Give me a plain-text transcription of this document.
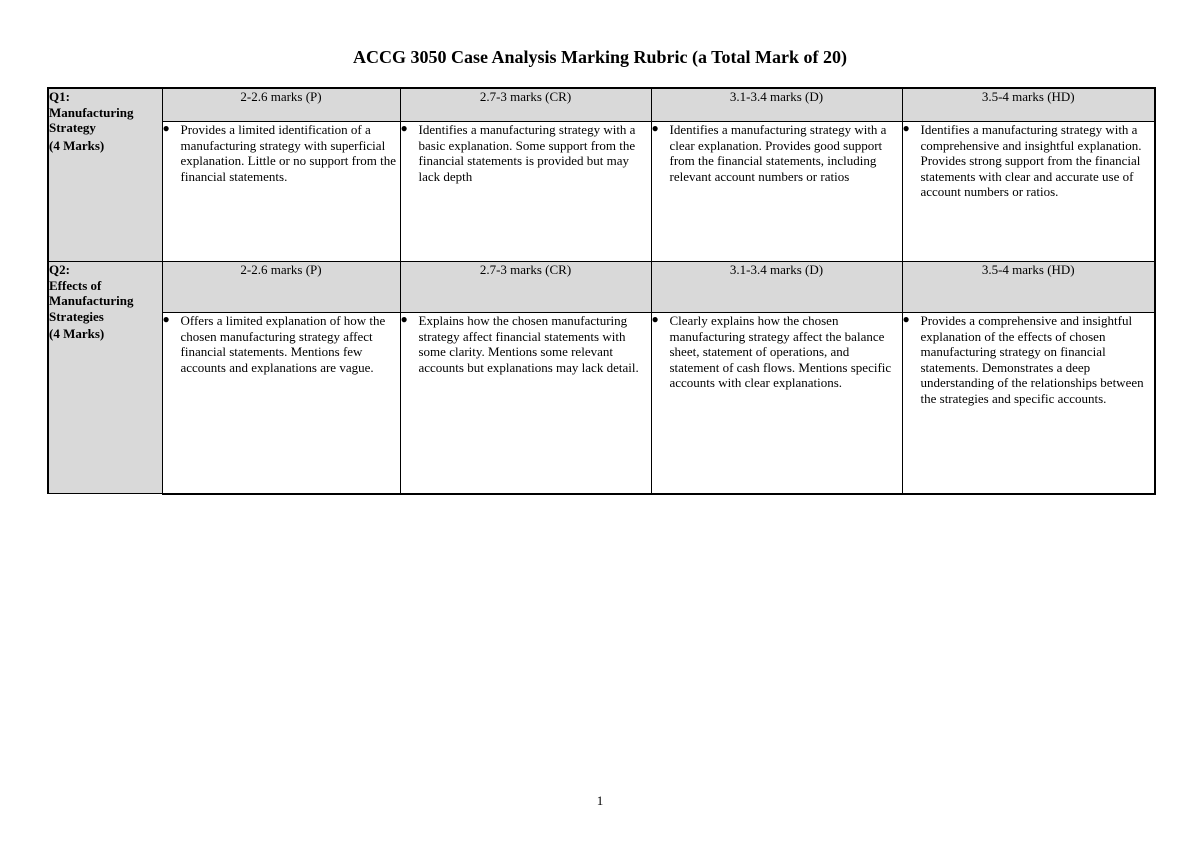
ACCG 3050 Case Analysis Marking Rubric (a Total Mark of 20)
Q1:
Manufacturing Strategy
(4 Marks)	2-2.6 marks (P)	2.7-3 marks (CR)	3.1-3.4 marks (D)	3.5-4 marks (HD)

	● Provides a limited identification of a manufacturing strategy with superficial explanation. Little or no support from the financial statements.	● Identifies a manufacturing strategy with a basic explanation. Some support from the financial statements is provided but may lack depth	● Identifies a manufacturing strategy with a clear explanation. Provides good support from the financial statements, including relevant account numbers or ratios	● Identifies a manufacturing strategy with a comprehensive and insightful explanation. Provides strong support from the financial statements with clear and accurate use of account numbers or ratios.

Q2:
Effects of Manufacturing Strategies
(4 Marks)	2-2.6 marks (P)	2.7-3 marks (CR)	3.1-3.4 marks (D)	3.5-4 marks (HD)

	● Offers a limited explanation of how the chosen manufacturing strategy affect financial statements. Mentions few accounts and explanations are vague.	● Explains how the chosen manufacturing strategy affect financial statements with some clarity. Mentions some relevant accounts but explanations may lack detail.	● Clearly explains how the chosen manufacturing strategy affect the balance sheet, statement of operations, and statement of cash flows. Mentions specific accounts with clear explanations.	● Provides a comprehensive and insightful explanation of the effects of chosen manufacturing strategy on financial statements. Demonstrates a deep understanding of the relationships between the strategies and specific accounts.
1
